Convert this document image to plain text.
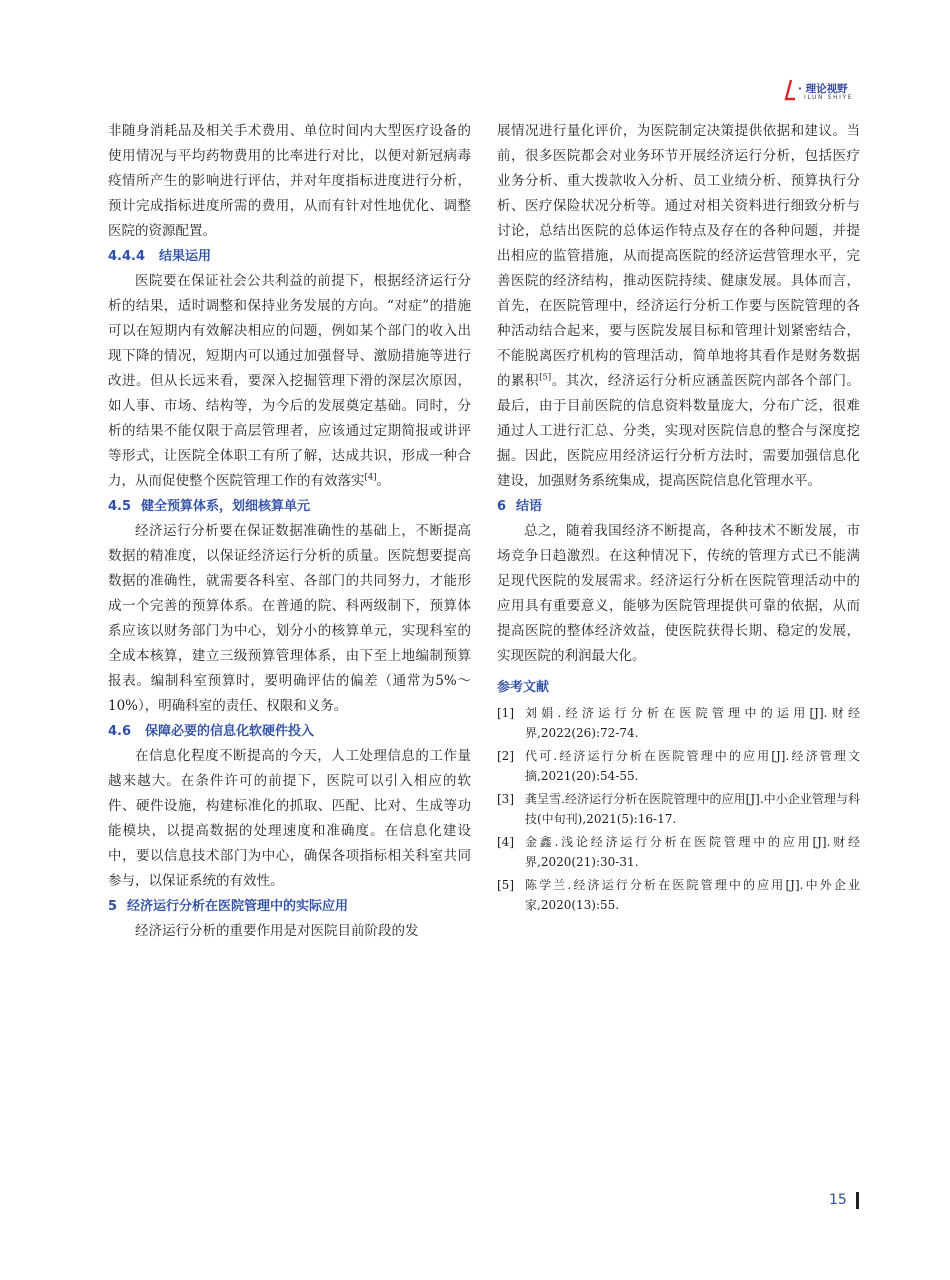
· 理论视野
ILUN SHIYE

非随身消耗品及相关手术费用、单位时间内大型医疗设备的使用情况与平均药物费用的比率进行对比，以便对新冠病毒疫情所产生的影响进行评估，并对年度指标进度进行分析，预计完成指标进度所需的费用，从而有针对性地优化、调整医院的资源配置。

4.4.4 结果运用

医院要在保证社会公共利益的前提下，根据经济运行分析的结果，适时调整和保持业务发展的方向。“对症”的措施可以在短期内有效解决相应的问题，例如某个部门的收入出现下降的情况，短期内可以通过加强督导、激励措施等进行改进。但从长远来看，要深入挖掘管理下滑的深层次原因，如人事、市场、结构等，为今后的发展奠定基础。同时，分析的结果不能仅限于高层管理者，应该通过定期简报或讲评等形式，让医院全体职工有所了解，达成共识，形成一种合力，从而促使整个医院管理工作的有效落实[4]。

4.5 健全预算体系，划细核算单元

经济运行分析要在保证数据准确性的基础上，不断提高数据的精准度，以保证经济运行分析的质量。医院想要提高数据的准确性，就需要各科室、各部门的共同努力，才能形成一个完善的预算体系。在普通的院、科两级制下，预算体系应该以财务部门为中心，划分小的核算单元，实现科室的全成本核算，建立三级预算管理体系，由下至上地编制预算报表。编制科室预算时，要明确评估的偏差（通常为5%～10%），明确科室的责任、权限和义务。

4.6 保障必要的信息化软硬件投入

在信息化程度不断提高的今天，人工处理信息的工作量越来越大。在条件许可的前提下，医院可以引入相应的软件、硬件设施，构建标准化的抓取、匹配、比对、生成等功能模块，以提高数据的处理速度和准确度。在信息化建设中，要以信息技术部门为中心，确保各项指标相关科室共同参与，以保证系统的有效性。

5 经济运行分析在医院管理中的实际应用

经济运行分析的重要作用是对医院目前阶段的发

展情况进行量化评价，为医院制定决策提供依据和建议。当前，很多医院都会对业务环节开展经济运行分析，包括医疗业务分析、重大拨款收入分析、员工业绩分析、预算执行分析、医疗保险状况分析等。通过对相关资料进行细致分析与讨论，总结出医院的总体运作特点及存在的各种问题，并提出相应的监管措施，从而提高医院的经济运营管理水平，完善医院的经济结构，推动医院持续、健康发展。具体而言，首先，在医院管理中，经济运行分析工作要与医院管理的各种活动结合起来，要与医院发展目标和管理计划紧密结合，不能脱离医疗机构的管理活动，简单地将其看作是财务数据的累积[5]。其次，经济运行分析应涵盖医院内部各个部门。最后，由于目前医院的信息资料数量庞大，分布广泛，很难通过人工进行汇总、分类，实现对医院信息的整合与深度挖掘。因此，医院应用经济运行分析方法时，需要加强信息化建设，加强财务系统集成，提高医院信息化管理水平。

6 结语

总之，随着我国经济不断提高，各种技术不断发展，市场竞争日趋激烈。在这种情况下，传统的管理方式已不能满足现代医院的发展需求。经济运行分析在医院管理活动中的应用具有重要意义，能够为医院管理提供可靠的依据，从而提高医院的整体经济效益，使医院获得长期、稳定的发展，实现医院的利润最大化。

参考文献
[1] 刘娟.经济运行分析在医院管理中的运用[J].财经界,2022(26):72-74.
[2] 代可.经济运行分析在医院管理中的应用[J].经济管理文摘,2021(20):54-55.
[3] 龚呈雪.经济运行分析在医院管理中的应用[J].中小企业管理与科技(中旬刊),2021(5):16-17.
[4] 金鑫.浅论经济运行分析在医院管理中的应用[J].财经界,2020(21):30-31.
[5] 陈学兰.经济运行分析在医院管理中的应用[J].中外企业家,2020(13):55.
15
